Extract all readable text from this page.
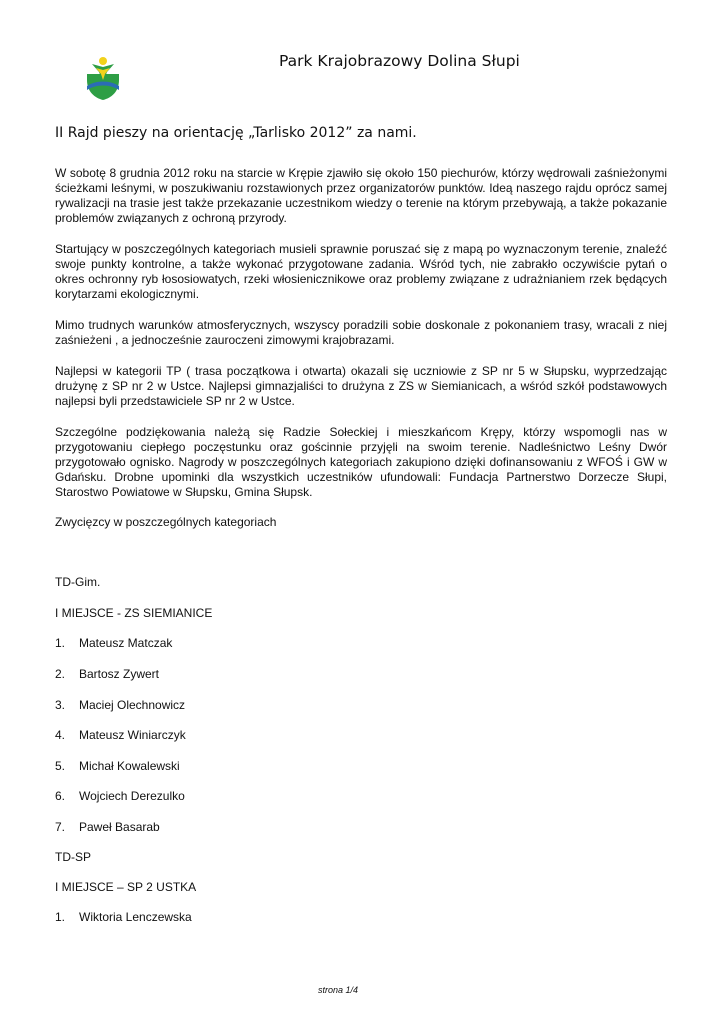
Park Krajobrazowy Dolina Słupi
II Rajd pieszy na orientację „Tarlisko 2012” za nami.

W sobotę 8 grudnia 2012 roku na starcie w Krępie zjawiło się około 150 piechurów, którzy wędrowali zaśnieżonymi ścieżkami leśnymi, w poszukiwaniu rozstawionych przez organizatorów punktów. Ideą naszego rajdu oprócz samej rywalizacji na trasie jest także przekazanie uczestnikom wiedzy o terenie na którym przebywają, a także pokazanie problemów związanych z ochroną przyrody.

Startujący w poszczególnych kategoriach musieli sprawnie poruszać się z mapą po wyznaczonym terenie, znaleźć swoje punkty kontrolne, a także wykonać przygotowane zadania. Wśród tych, nie zabrakło oczywiście pytań o okres ochronny ryb łososiowatych, rzeki włosienicznikowe oraz problemy związane z udrażnianiem rzek będących korytarzami ekologicznymi.

Mimo trudnych warunków atmosferycznych, wszyscy poradzili sobie doskonale z pokonaniem trasy, wracali z niej zaśnieżeni , a jednocześnie zauroczeni zimowymi krajobrazami.

Najlepsi w kategorii TP ( trasa początkowa i otwarta) okazali się uczniowie z SP nr 5 w Słupsku, wyprzedzając drużynę z SP nr 2 w Ustce. Najlepsi gimnazjaliści to drużyna z ZS w Siemianicach, a wśród szkół podstawowych najlepsi byli przedstawiciele SP nr 2 w Ustce.

Szczególne podziękowania należą się Radzie Sołeckiej i mieszkańcom Krępy, którzy wspomogli nas w przygotowaniu ciepłego poczęstunku oraz gościnnie przyjęli na swoim terenie. Nadleśnictwo Leśny Dwór przygotowało ognisko. Nagrody w poszczególnych kategoriach zakupiono dzięki dofinansowaniu z WFOŚ i GW w Gdańsku. Drobne upominki dla wszystkich uczestników ufundowali: Fundacja Partnerstwo Dorzecze Słupi, Starostwo Powiatowe w Słupsku, Gmina Słupsk.

Zwycięzcy w poszczególnych kategoriach
TD-Gim.
I MIEJSCE - ZS SIEMIANICE
1. Mateusz Matczak
2. Bartosz Zywert
3. Maciej Olechnowicz
4. Mateusz Winiarczyk
5. Michał Kowalewski
6. Wojciech Derezulko
7. Paweł Basarab
TD-SP
I MIEJSCE – SP 2 USTKA
1. Wiktoria Lenczewska
strona 1/4
